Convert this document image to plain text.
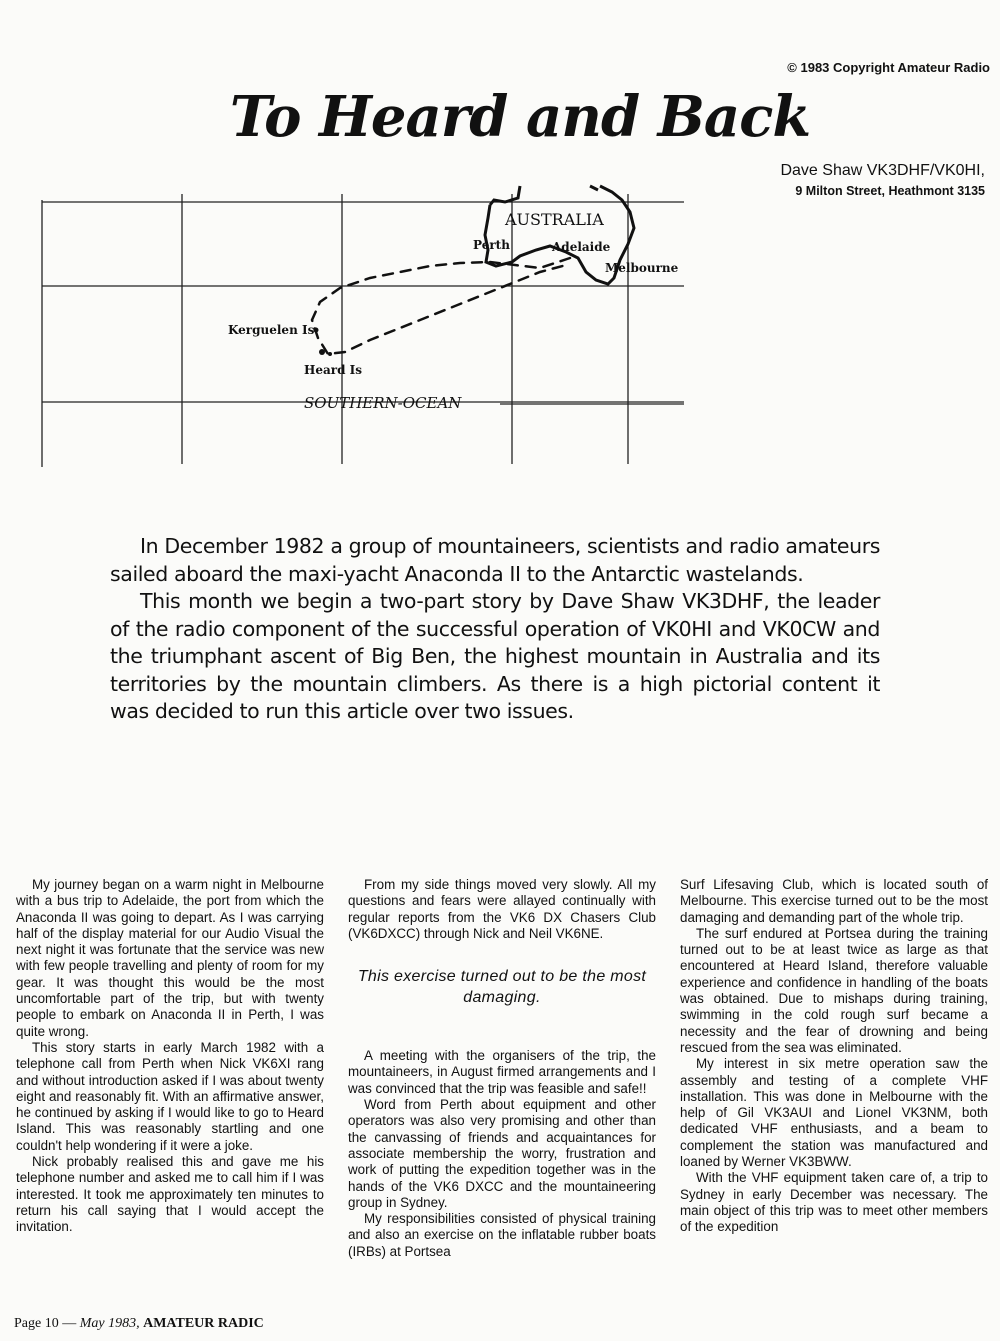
© 1983 Copyright Amateur Radio
To Heard and Back
Dave Shaw VK3DHF/VK0HI,
9 Milton Street, Heathmont 3135
AUSTRALIA
Perth	Adelaide
Melbourne
Kerguelen Is
Heard Is
SOUTHERN-OCEAN

In December 1982 a group of mountaineers, scientists and radio amateurs sailed aboard the maxi-yacht Anaconda II to the Antarctic wastelands.

This month we begin a two-part story by Dave Shaw VK3DHF, the leader of the radio component of the successful operation of VK0HI and VK0CW and the triumphant ascent of Big Ben, the highest mountain in Australia and its territories by the mountain climbers. As there is a high pictorial content it was decided to run this article over two issues.

My journey began on a warm night in Melbourne with a bus trip to Adelaide, the port from which the Anaconda II was going to depart. As I was carrying half of the display material for our Audio Visual the next night it was fortunate that the service was new with few people travelling and plenty of room for my gear. It was thought this would be the most uncomfortable part of the trip, but with twenty people to embark on Anaconda II in Perth, I was quite wrong.

This story starts in early March 1982 with a telephone call from Perth when Nick VK6XI rang and without introduction asked if I was about twenty eight and reasonably fit. With an affirmative answer, he continued by asking if I would like to go to Heard Island. This was reasonably startling and one couldn't help wondering if it were a joke.

Nick probably realised this and gave me his telephone number and asked me to call him if I was interested. It took me approximately ten minutes to return his call saying that I would accept the invitation.

From my side things moved very slowly. All my questions and fears were allayed continually with regular reports from the VK6 DX Chasers Club (VK6DXCC) through Nick and Neil VK6NE.

This exercise turned out to be the most damaging.

A meeting with the organisers of the trip, the mountaineers, in August firmed arrangements and I was convinced that the trip was feasible and safe!!

Word from Perth about equipment and other operators was also very promising and other than the canvassing of friends and acquaintances for associate membership the worry, frustration and work of putting the expedition together was in the hands of the VK6 DXCC and the mountaineering group in Sydney.

My responsibilities consisted of physical training and also an exercise on the inflatable rubber boats (IRBs) at Portsea

Surf Lifesaving Club, which is located south of Melbourne. This exercise turned out to be the most damaging and demanding part of the whole trip.

The surf endured at Portsea during the training turned out to be at least twice as large as that encountered at Heard Island, therefore valuable experience and confidence in handling of the boats was obtained. Due to mishaps during training, swimming in the cold rough surf became a necessity and the fear of drowning and being rescued from the sea was eliminated.

My interest in six metre operation saw the assembly and testing of a complete VHF installation. This was done in Melbourne with the help of Gil VK3AUI and Lionel VK3NM, both dedicated VHF enthusiasts, and a beam to complement the station was manufactured and loaned by Werner VK3BWW.

With the VHF equipment taken care of, a trip to Sydney in early December was necessary. The main object of this trip was to meet other members of the expedition

Page 10 — May 1983, AMATEUR RADIC
